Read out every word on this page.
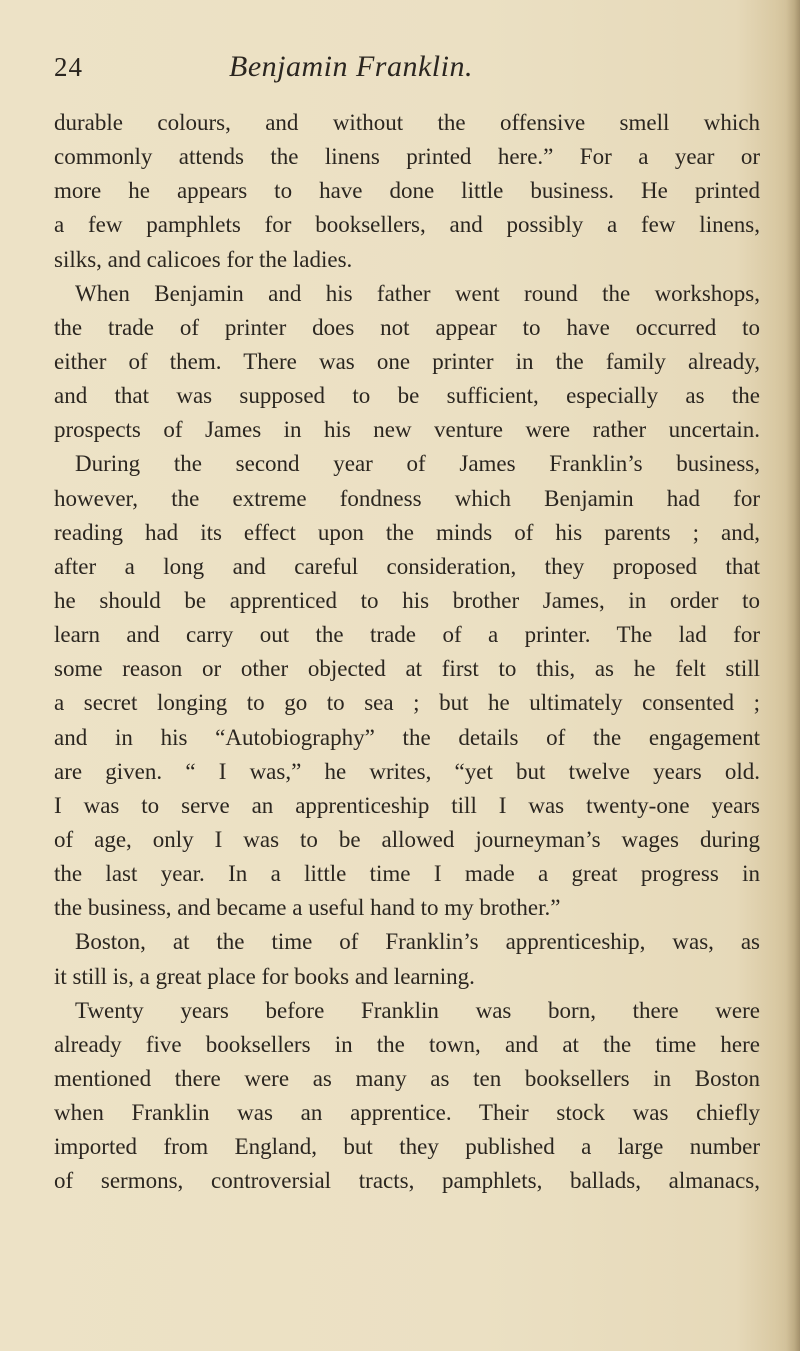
24	Benjamin Franklin.
durable colours, and without the offensive smell which
commonly attends the linens printed here.” For a year or
more he appears to have done little business. He printed
a few pamphlets for booksellers, and possibly a few linens,
silks, and calicoes for the ladies.
When Benjamin and his father went round the workshops,
the trade of printer does not appear to have occurred to
either of them. There was one printer in the family already,
and that was supposed to be sufficient, especially as the
prospects of James in his new venture were rather uncertain.
During the second year of James Franklin’s business,
however, the extreme fondness which Benjamin had for
reading had its effect upon the minds of his parents ; and,
after a long and careful consideration, they proposed that
he should be apprenticed to his brother James, in order to
learn and carry out the trade of a printer. The lad for
some reason or other objected at first to this, as he felt still
a secret longing to go to sea ; but he ultimately consented ;
and in his “Autobiography” the details of the engagement
are given. “ I was,” he writes, “yet but twelve years old.
I was to serve an apprenticeship till I was twenty-one years
of age, only I was to be allowed journeyman’s wages during
the last year. In a little time I made a great progress in
the business, and became a useful hand to my brother.”
Boston, at the time of Franklin’s apprenticeship, was, as
it still is, a great place for books and learning.
Twenty years before Franklin was born, there were
already five booksellers in the town, and at the time here
mentioned there were as many as ten booksellers in Boston
when Franklin was an apprentice. Their stock was chiefly
imported from England, but they published a large number
of sermons, controversial tracts, pamphlets, ballads, almanacs,
